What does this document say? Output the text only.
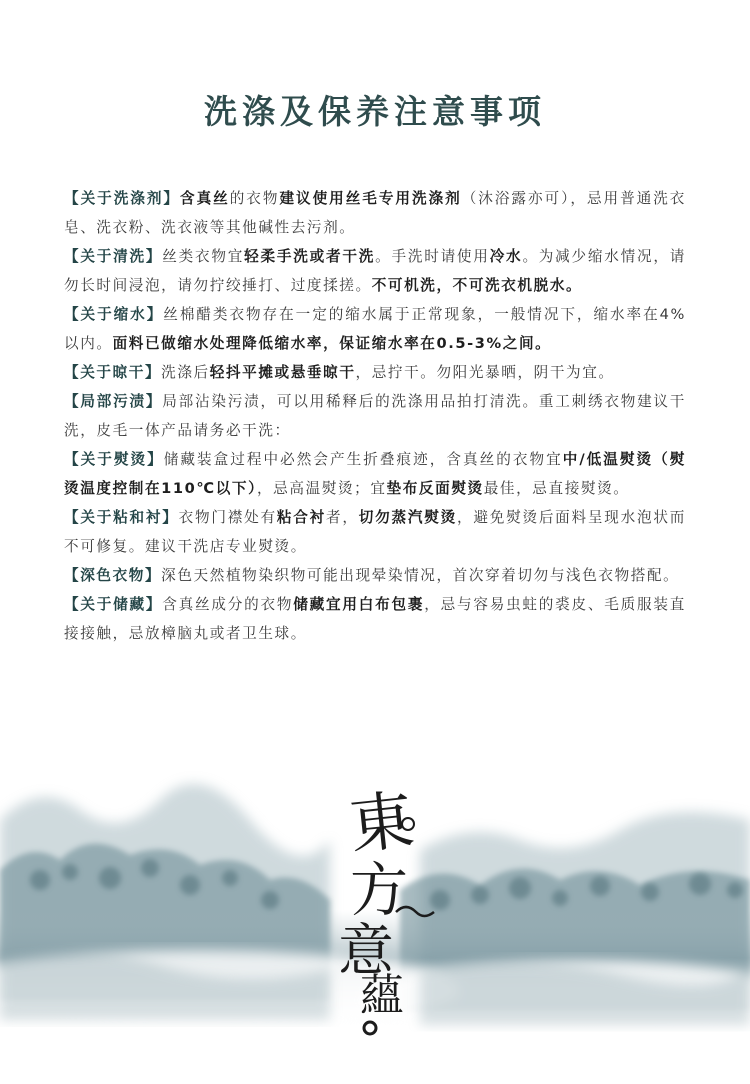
洗涤及保养注意事项

【关于洗涤剂】含真丝的衣物建议使用丝毛专用洗涤剂（沐浴露亦可），忌用普通洗衣皂、洗衣粉、洗衣液等其他碱性去污剂。

【关于清洗】丝类衣物宜轻柔手洗或者干洗。手洗时请使用冷水。为减少缩水情况，请勿长时间浸泡，请勿拧绞捶打、过度揉搓。不可机洗，不可洗衣机脱水。

【关于缩水】丝棉醋类衣物存在一定的缩水属于正常现象，一般情况下，缩水率在4%以内。面料已做缩水处理降低缩水率，保证缩水率在0.5-3%之间。

【关于晾干】洗涤后轻抖平摊或悬垂晾干，忌拧干。勿阳光暴晒，阴干为宜。

【局部污渍】局部沾染污渍，可以用稀释后的洗涤用品拍打清洗。重工刺绣衣物建议干洗，皮毛一体产品请务必干洗：

【关于熨烫】储藏装盒过程中必然会产生折叠痕迹，含真丝的衣物宜中/低温熨烫（熨烫温度控制在110℃以下），忌高温熨烫；宜垫布反面熨烫最佳，忌直接熨烫。

【关于粘和衬】衣物门襟处有粘合衬者，切勿蒸汽熨烫，避免熨烫后面料呈现水泡状而不可修复。建议干洗店专业熨烫。

【深色衣物】深色天然植物染织物可能出现晕染情况，首次穿着切勿与浅色衣物搭配。

【关于储藏】含真丝成分的衣物储藏宜用白布包裹，忌与容易虫蛀的裘皮、毛质服装直接接触，忌放樟脑丸或者卫生球。

東
方
意
蘊
